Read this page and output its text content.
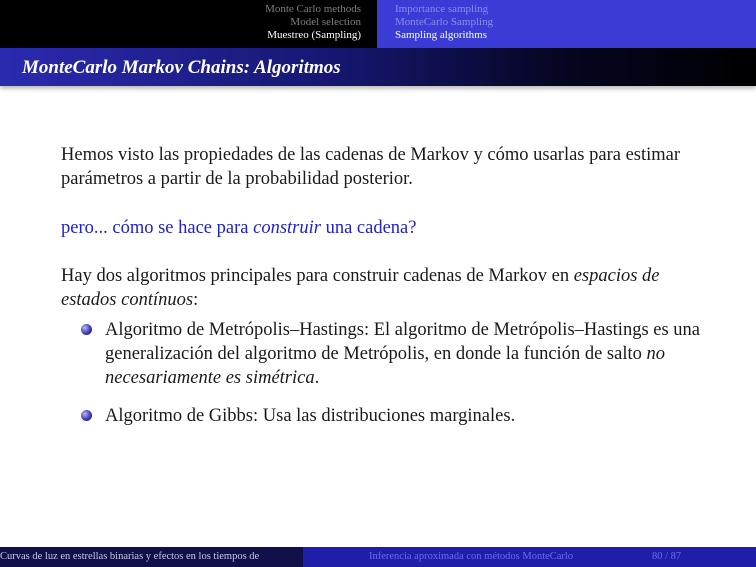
Monte Carlo methods
Model selection
Muestreo (Sampling)
Importance sampling
MonteCarlo Sampling
Sampling algorithms
MonteCarlo Markov Chains: Algoritmos

Hemos visto las propiedades de las cadenas de Markov y cómo usarlas para estimar parámetros a partir de la probabilidad posterior.

pero... cómo se hace para construir una cadena?

Hay dos algoritmos principales para construir cadenas de Markov en espacios de estados contínuos:

Algoritmo de Metrópolis–Hastings: El algoritmo de Metrópolis–Hastings es una generalización del algoritmo de Metrópolis, en donde la función de salto no necesariamente es simétrica.
Algoritmo de Gibbs: Usa las distribuciones marginales.
Curvas de luz en estrellas binarias y efectos en los tiempos de	Inferencia aproximada con métodos MonteCarlo	80 / 87
